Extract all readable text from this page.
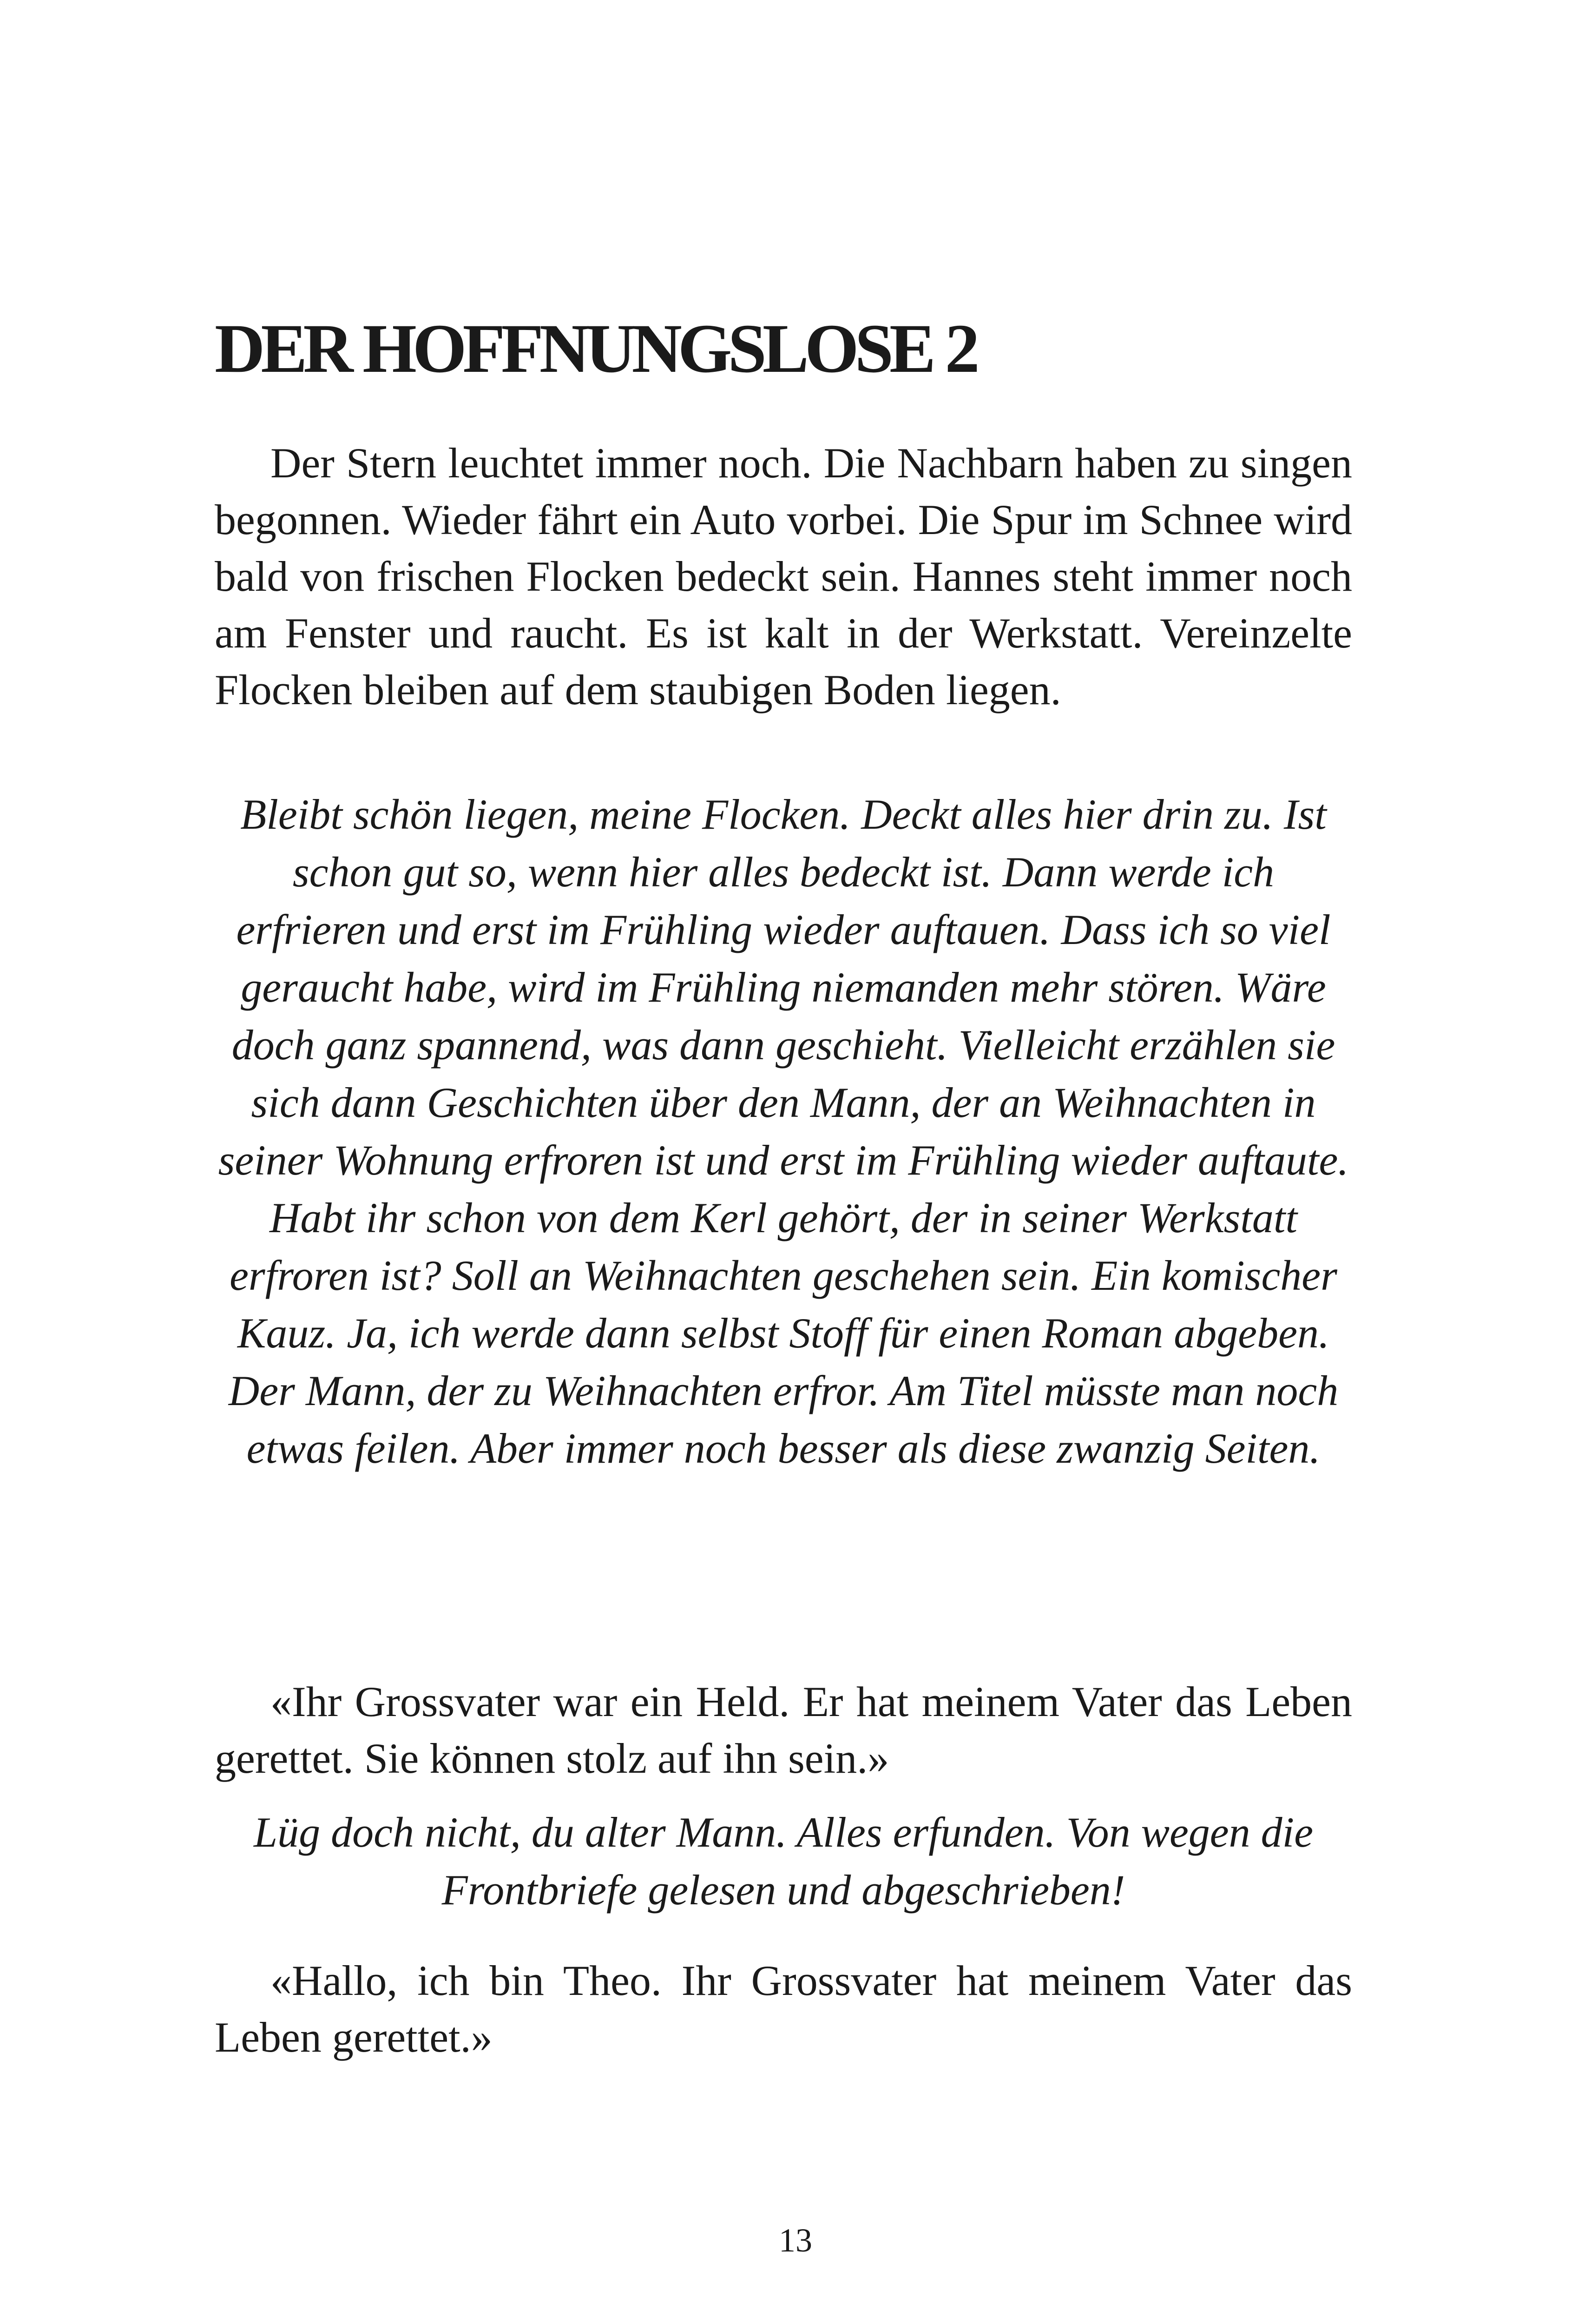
DER HOFFNUNGSLOSE 2

Der Stern leuchtet immer noch. Die Nachbarn haben zu singen begonnen. Wieder fährt ein Auto vorbei. Die Spur im Schnee wird bald von frischen Flocken bedeckt sein. Hannes steht immer noch am Fenster und raucht. Es ist kalt in der Werkstatt. Vereinzelte Flocken bleiben auf dem staubigen Boden liegen.

Bleibt schön liegen, meine Flocken. Deckt alles hier drin zu. Ist schon gut so, wenn hier alles bedeckt ist. Dann werde ich erfrieren und erst im Frühling wieder auftauen. Dass ich so viel geraucht habe, wird im Frühling niemanden mehr stören. Wäre doch ganz spannend, was dann geschieht. Vielleicht erzählen sie sich dann Geschichten über den Mann, der an Weihnachten in seiner Wohnung erfroren ist und erst im Frühling wieder auftaute. Habt ihr schon von dem Kerl gehört, der in seiner Werkstatt erfroren ist? Soll an Weihnachten geschehen sein. Ein komischer Kauz. Ja, ich werde dann selbst Stoff für einen Roman abgeben. Der Mann, der zu Weihnachten erfror. Am Titel müsste man noch etwas feilen. Aber immer noch besser als diese zwanzig Seiten.

«Ihr Grossvater war ein Held. Er hat meinem Vater das Leben gerettet. Sie können stolz auf ihn sein.»

Lüg doch nicht, du alter Mann. Alles erfunden. Von wegen die Frontbriefe gelesen und abgeschrieben!

«Hallo, ich bin Theo. Ihr Grossvater hat meinem Vater das Leben gerettet.»

13
